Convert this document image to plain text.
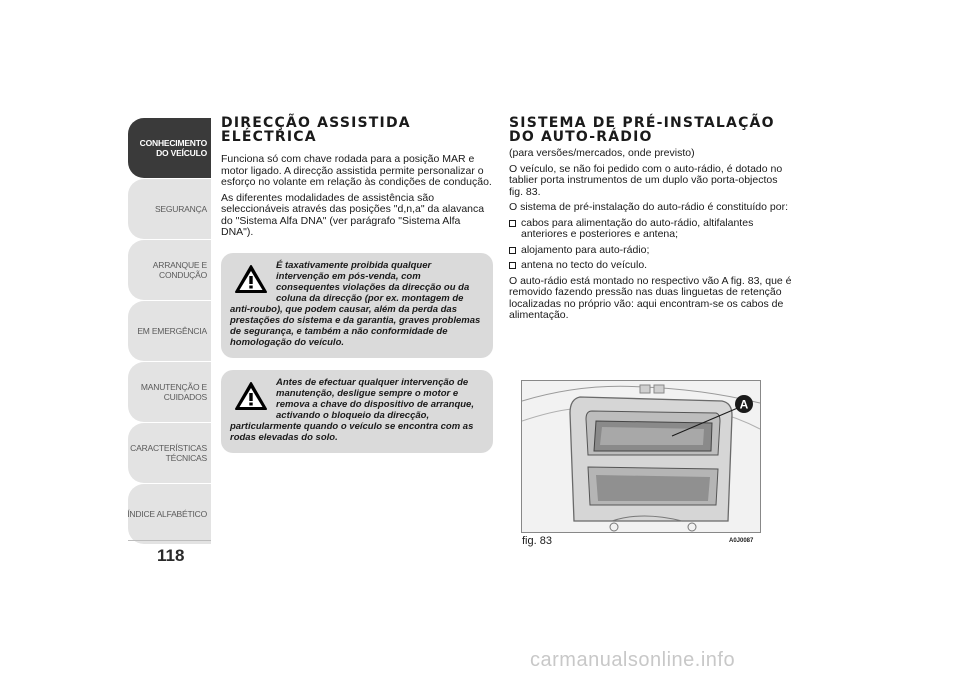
CONHECIMENTO
DO VEÍCULO
SEGURANÇA
ARRANQUE E
CONDUÇÃO
EM EMERGÊNCIA
MANUTENÇÃO E
CUIDADOS
CARACTERÍSTICAS
TÉCNICAS
ÍNDICE ALFABÉTICO
118
DIRECÇÃO ASSISTIDA ELÉCTRICA

Funciona só com chave rodada para a posição MAR e motor ligado. A direcção assistida permite personalizar o esforço no volante em relação às condições de condução.

As diferentes modalidades de assistência são seleccionáveis através das posições "d,n,a" da alavanca do "Sistema Alfa DNA" (ver parágrafo "Sistema Alfa DNA").

É taxativamente proibida qualquer intervenção em pós-venda, com consequentes violações da direcção ou da coluna da direcção (por ex. montagem de anti-roubo), que podem causar, além da perda das prestações do sistema e da garantia, graves problemas de segurança, e também a não conformidade de homologação do veículo.

Antes de efectuar qualquer intervenção de manutenção, desligue sempre o motor e remova a chave do dispositivo de arranque, activando o bloqueio da direcção, particularmente quando o veículo se encontra com as rodas elevadas do solo.

SISTEMA DE PRÉ-INSTALAÇÃO
DO AUTO-RÁDIO

(para versões/mercados, onde previsto)

O veículo, se não foi pedido com o auto-rádio, é dotado no tablier porta instrumentos de um duplo vão porta-objectos fig. 83.

O sistema de pré-instalação do auto-rádio é constituído por:

cabos para alimentação do auto-rádio, altifalantes anteriores e posteriores e antena;
alojamento para auto-rádio;
antena no tecto do veículo.

O auto-rádio está montado no respectivo vão A fig. 83, que é removido fazendo pressão nas duas linguetas de retenção localizadas no próprio vão: aqui encontram-se os cabos de alimentação.

A
fig. 83	A0J0087
carmanualsonline.info
